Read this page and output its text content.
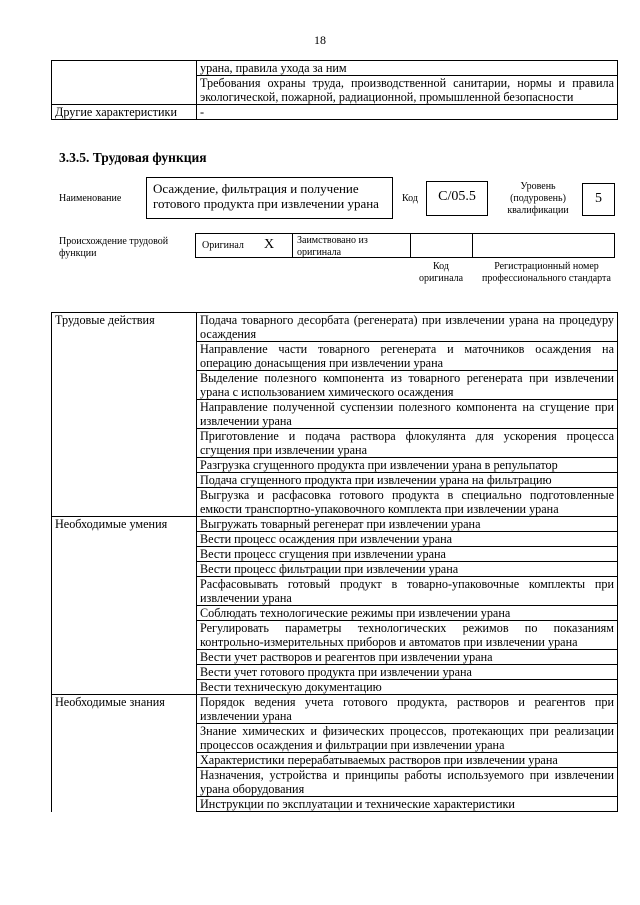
18
	урана, правила ухода за ним
	Требования охраны труда, производственной санитарии, нормы и правила экологической, пожарной, радиационной, промышленной безопасности
Другие характеристики	-
3.3.5. Трудовая функция
Наименование
Осаждение, фильтрация и получение готового продукта при извлечении урана	Код	C/05.5
Уровень (подуровень) квалификации
5
Происхождение трудовой функции
Оригинал X Заимствовано из оригинала
Код оригинала
Регистрационный номер профессионального стандарта
Трудовые действия	Подача товарного десорбата (регенерата) при извлечении урана на процедуру осаждения
	Направление части товарного регенерата и маточников осаждения на операцию донасыщения при извлечении урана
	Выделение полезного компонента из товарного регенерата при извлечении урана с использованием химического осаждения
	Направление полученной суспензии полезного компонента на сгущение при извлечении урана
	Приготовление и подача раствора флокулянта для ускорения процесса сгущения при извлечении урана
	Разгрузка сгущенного продукта при извлечении урана в репульпатор
	Подача сгущенного продукта при извлечении урана на фильтрацию
	Выгрузка и расфасовка готового продукта в специально подготовленные емкости транспортно-упаковочного комплекта при извлечении урана
Необходимые умения	Выгружать товарный регенерат при извлечении урана
	Вести процесс осаждения при извлечении урана
	Вести процесс сгущения при извлечении урана
	Вести процесс фильтрации при извлечении урана
	Расфасовывать готовый продукт в товарно-упаковочные комплекты при извлечении урана
	Соблюдать технологические режимы при извлечении урана
	Регулировать параметры технологических режимов по показаниям контрольно-измерительных приборов и автоматов при извлечении урана
	Вести учет растворов и реагентов при извлечении урана
	Вести учет готового продукта при извлечении урана
	Вести техническую документацию
Необходимые знания	Порядок ведения учета готового продукта, растворов и реагентов при извлечении урана
	Знание химических и физических процессов, протекающих при реализации процессов осаждения и фильтрации при извлечении урана
	Характеристики перерабатываемых растворов при извлечении урана
	Назначения, устройства и принципы работы используемого при извлечении урана оборудования
	Инструкции по эксплуатации и технические характеристики
